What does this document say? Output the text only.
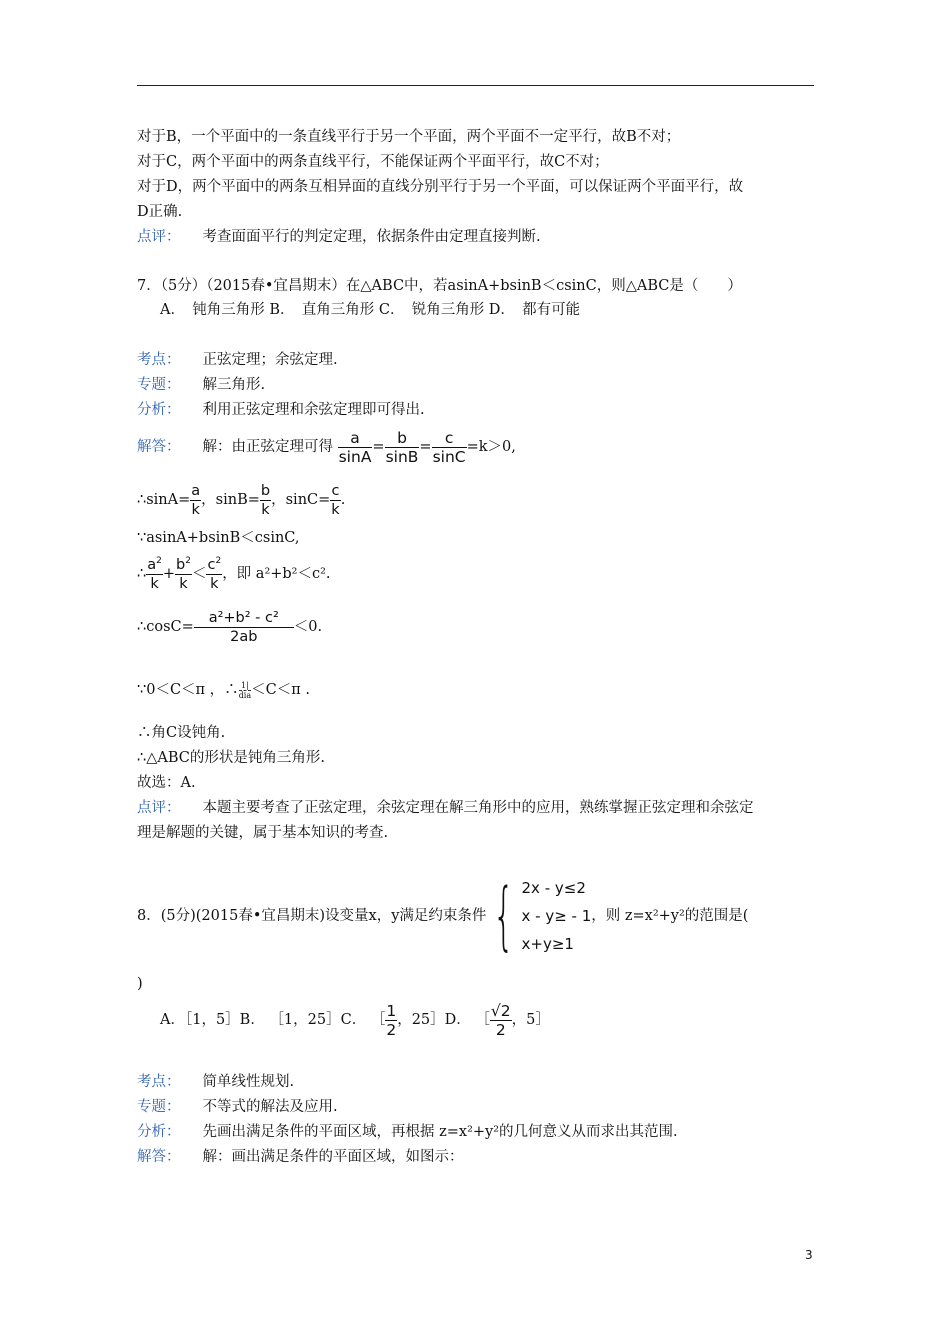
对于B，一个平面中的一条直线平行于另一个平面，两个平面不一定平行，故B不对；
对于C，两个平面中的两条直线平行，不能保证两个平面平行，故C不对；
对于D，两个平面中的两条互相异面的直线分别平行于另一个平面，可以保证两个平面平行，故
D正确.
点评： 考查面面平行的判定定理，依据条件由定理直接判断.
7．（5分）（2015春•宜昌期末）在△ABC中，若asinA+bsinB＜csinC，则△ABC是（　　）
A．　钝角三角形 B．　直角三角形 C．　锐角三角形 D．　都有可能
考点： 正弦定理；余弦定理.
专题： 解三角形.
分析： 利用正弦定理和余弦定理即可得出.
解答： 解：由正弦定理可得 $\frac{a}{\sin A} = \frac{b}{\sin B} = \frac{c}{\sin C} =k>0$,
∴sinA= $\frac{a}{k}$ ，$\sin B= \frac{b}{k}$ ，$\sin C= \frac{c}{k}$ .
∵asinA+bsinB＜csinC,
∴ $\frac{a^2}{k} + \frac{b^2}{k} < \frac{c^2}{k}$ ，即 a²+b²＜c².
∴cosC= $\frac{\text{a²+b² - c²}}{2ab} <0$.
∵0＜C＜π ，∴ 1|
dia ＜C＜π .
∴角C设钝角.
∴△ABC的形状是钝角三角形.
故选：A.
点评： 本题主要考查了正弦定理，余弦定理在解三角形中的应用，熟练掌握正弦定理和余弦定
理是解题的关键，属于基本知识的考查.
8．(5分)(2015春•宜昌期末)设变量x，y满足约束条件{ 2x - y≤2
x - y≥ - 1
x+y≥1
，则 z=x²+y²的范围是(
)
A．［1，5］B． ［1，25］C． ［ $\frac{1}{2}$ ，25］D． ［ $\frac{√2}{2}$ ，5］
考点： 简单线性规划.
专题： 不等式的解法及应用.
分析： 先画出满足条件的平面区域，再根据 z=x²+y²的几何意义从而求出其范围.
解答： 解：画出满足条件的平面区域，如图示：
3
